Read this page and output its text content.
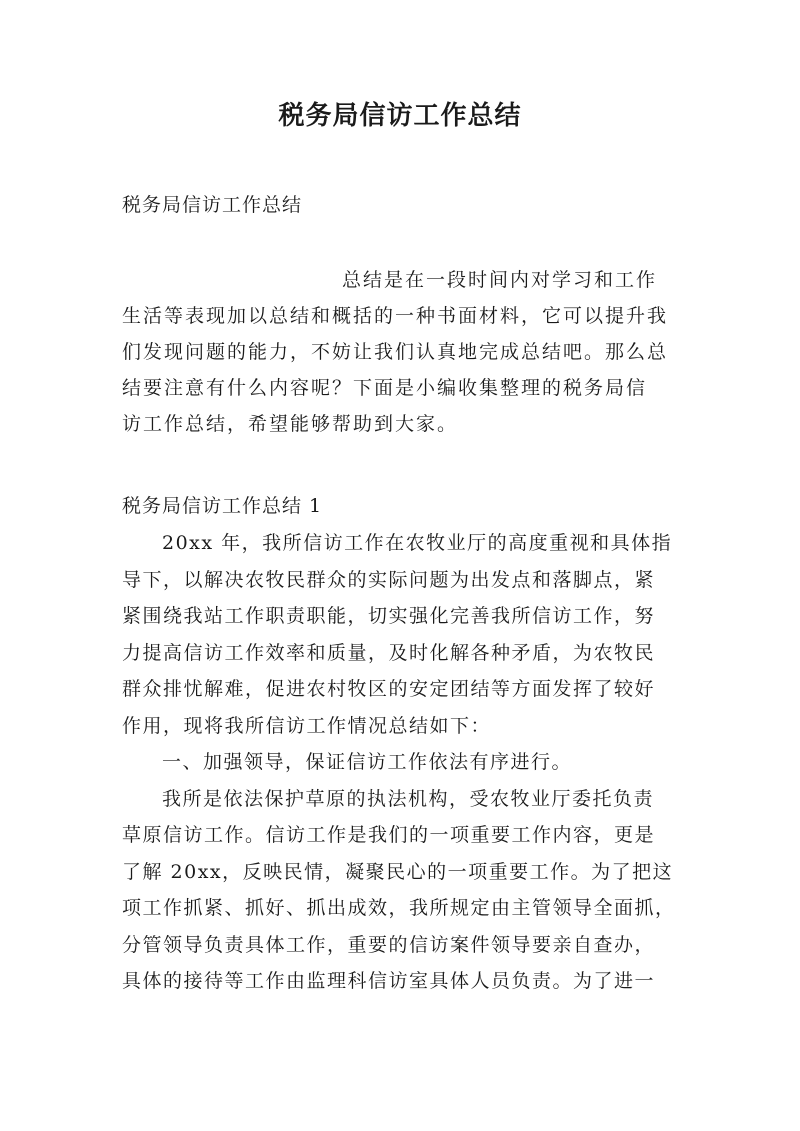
税务局信访工作总结
税务局信访工作总结
总结是在一段时间内对学习和工作
生活等表现加以总结和概括的一种书面材料，它可以提升我
们发现问题的能力，不妨让我们认真地完成总结吧。那么总
结要注意有什么内容呢？下面是小编收集整理的税务局信
访工作总结，希望能够帮助到大家。
税务局信访工作总结 1
20xx 年，我所信访工作在农牧业厅的高度重视和具体指
导下，以解决农牧民群众的实际问题为出发点和落脚点，紧
紧围绕我站工作职责职能，切实强化完善我所信访工作，努
力提高信访工作效率和质量，及时化解各种矛盾，为农牧民
群众排忧解难，促进农村牧区的安定团结等方面发挥了较好
作用，现将我所信访工作情况总结如下：
一、加强领导，保证信访工作依法有序进行。
我所是依法保护草原的执法机构，受农牧业厅委托负责
草原信访工作。信访工作是我们的一项重要工作内容，更是
了解 20xx，反映民情，凝聚民心的一项重要工作。为了把这
项工作抓紧、抓好、抓出成效，我所规定由主管领导全面抓，
分管领导负责具体工作，重要的信访案件领导要亲自查办，
具体的接待等工作由监理科信访室具体人员负责。为了进一
